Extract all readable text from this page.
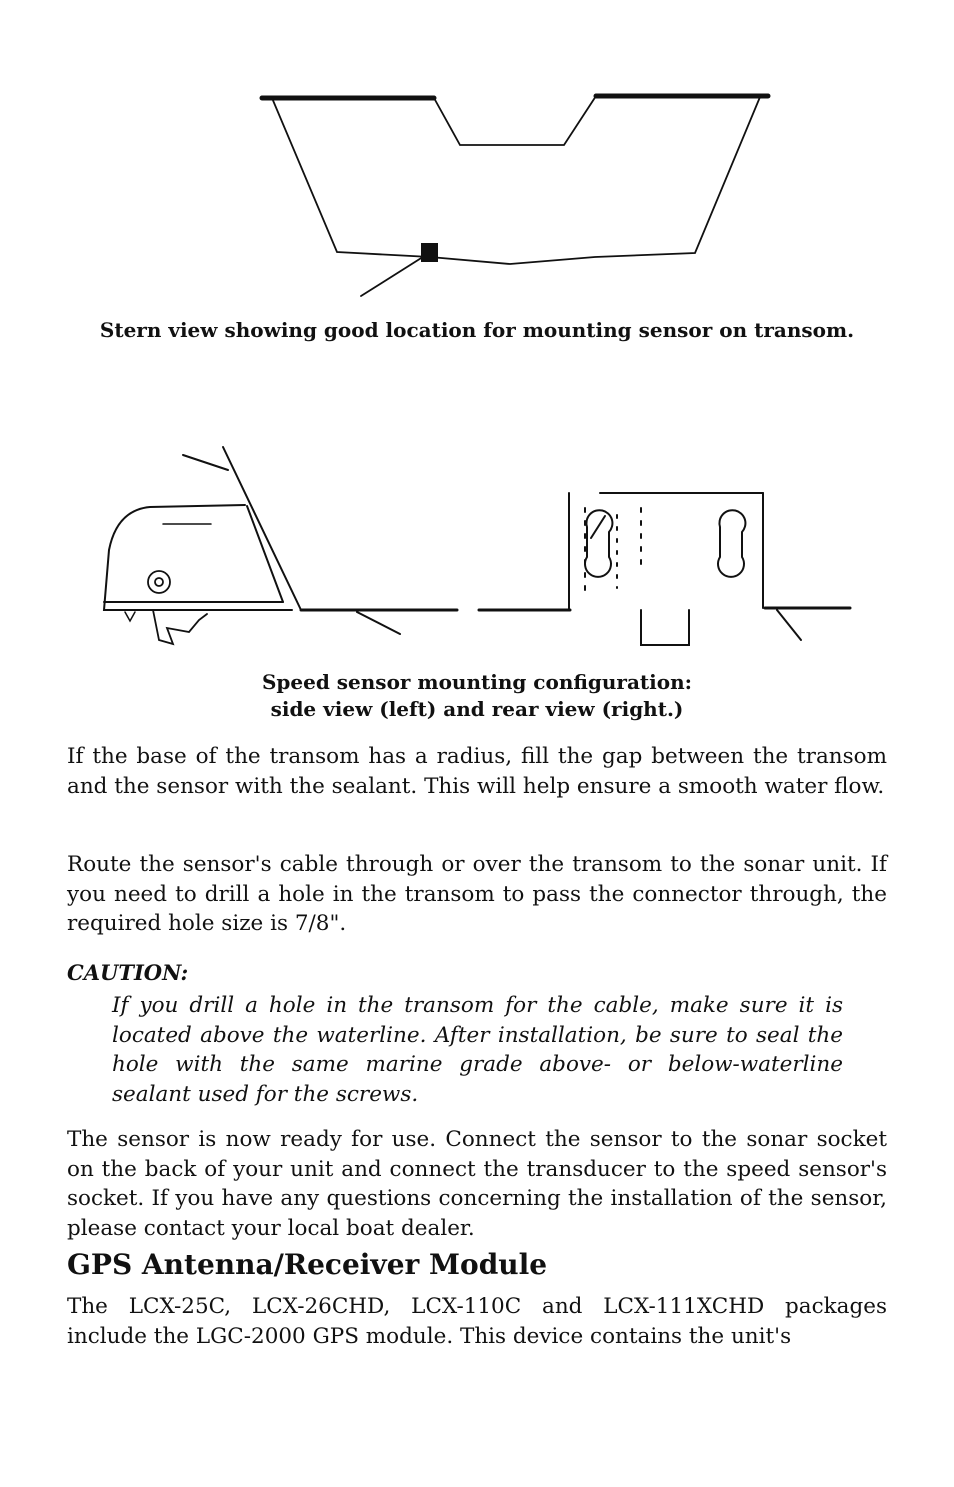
Stern view showing good location for mounting sensor on transom.
Speed sensor mounting configuration:
side view (left) and rear view (right.)

If the base of the transom has a radius, fill the gap between the transom and the sensor with the sealant. This will help ensure a smooth water flow.

Route the sensor's cable through or over the transom to the sonar unit. If you need to drill a hole in the transom to pass the connector through, the required hole size is 7/8".

CAUTION:

If you drill a hole in the transom for the cable, make sure it is located above the waterline. After installation, be sure to seal the hole with the same marine grade above- or below-waterline sealant used for the screws.

The sensor is now ready for use. Connect the sensor to the sonar socket on the back of your unit and connect the transducer to the speed sensor's socket. If you have any questions concerning the installation of the sensor, please contact your local boat dealer.

GPS Antenna/Receiver Module

The LCX-25C, LCX-26CHD, LCX-110C and LCX-111XCHD packages include the LGC-2000 GPS module. This device contains the unit's
